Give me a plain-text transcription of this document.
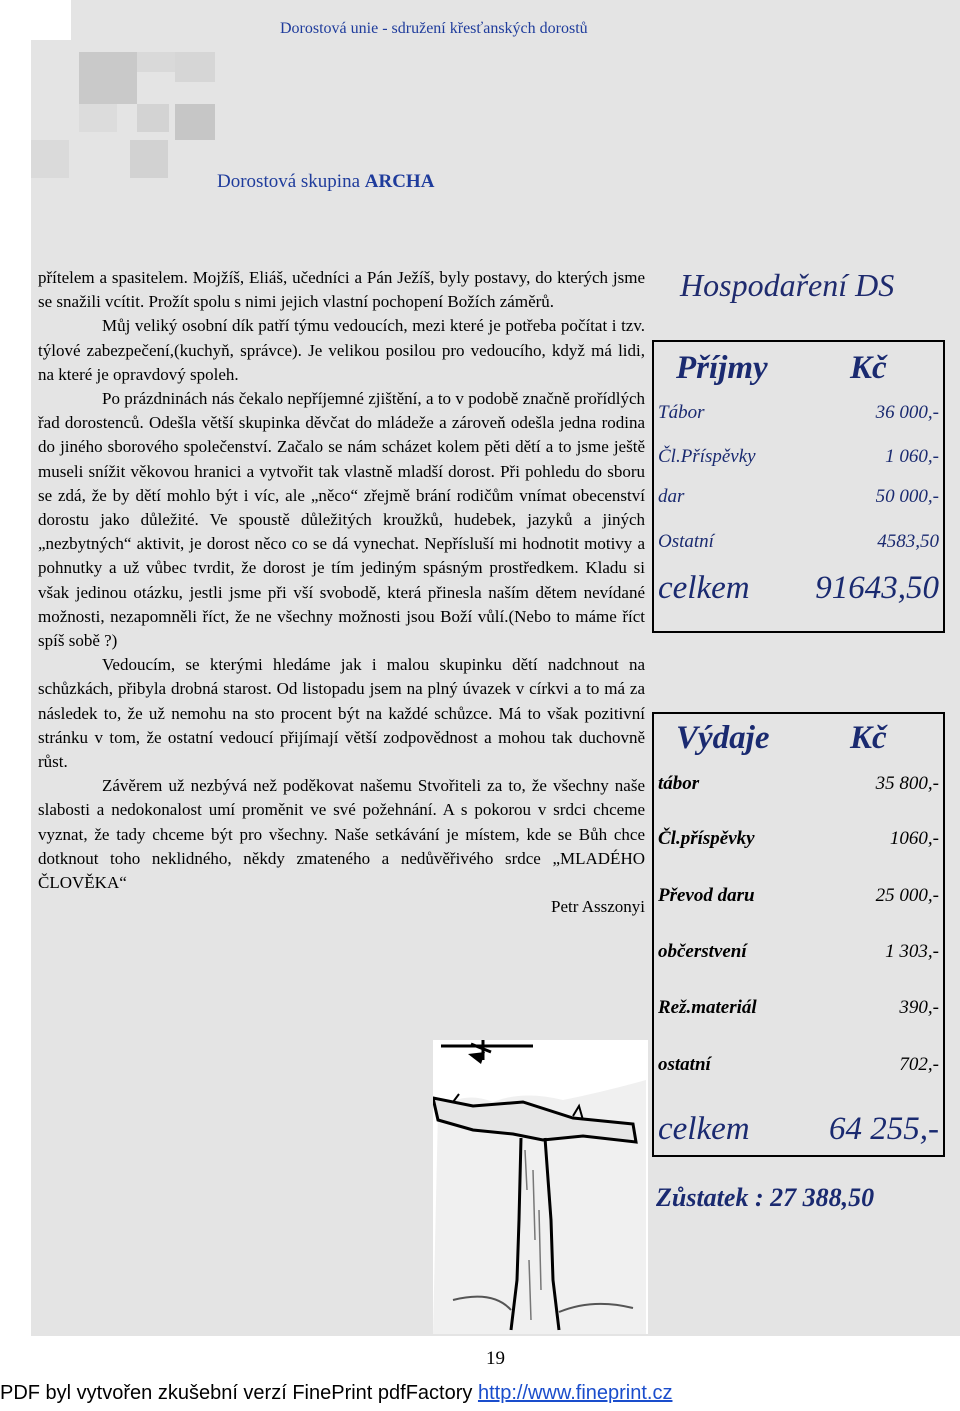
Dorostová unie - sdružení křesťanských dorostů
Dorostová skupina ARCHA

přítelem a spasitelem. Mojžíš, Eliáš, učedníci a Pán Ježíš, byly postavy, do kterých jsme se snažili vcítit. Prožít spolu s nimi jejich vlastní pochopení Božích záměrů.

Můj veliký osobní dík patří týmu vedoucích, mezi které je potřeba počítat i tzv. týlové zabezpečení,(kuchyň, správce). Je velikou posilou pro vedoucího, když má lidi, na které je opravdový spoleh.

Po prázdninách nás čekalo nepříjemné zjištění, a to v podobě značně prořídlých řad dorostenců. Odešla větší skupinka děvčat do mládeže a zároveň odešla jedna rodina do jiného sborového společenství. Začalo se nám scházet kolem pěti dětí a to jsme ještě museli snížit věkovou hranici a vytvořit tak vlastně mladší dorost. Při pohledu do sboru se zdá, že by dětí mohlo být i víc, ale „něco“ zřejmě brání rodičům vnímat obecenství dorostu jako důležité. Ve spoustě důležitých kroužků, hudebek, jazyků a jiných „nezbytných“ aktivit, je dorost něco co se dá vynechat. Nepřísluší mi hodnotit motivy a pohnutky a už vůbec tvrdit, že dorost je tím jediným spásným prostředkem. Kladu si však jedinou otázku, jestli jsme při vší svobodě, která přinesla naším dětem nevídané možnosti, nezapomněli říct, že ne všechny možnosti jsou Boží vůlí.(Nebo to máme říct spíš sobě ?)

Vedoucím, se kterými hledáme jak i malou skupinku dětí nadchnout na schůzkách, přibyla drobná starost. Od listopadu jsem na plný úvazek v církvi a to má za následek to, že už nemohu na sto procent být na každé schůzce. Má to však pozitivní stránku v tom, že ostatní vedoucí přijímají větší zodpovědnost a mohou tak duchovně růst.

Závěrem už nezbývá než poděkovat našemu Stvořiteli za to, že všechny naše slabosti a nedokonalost umí proměnit ve své požehnání. A s pokorou v srdci chceme vyznat, že tady chceme být pro všechny. Naše setkávání je místem, kde se Bůh chce dotknout toho neklidného, někdy zmateného a nedůvěřivého srdce „MLADÉHO ČLOVĚKA“

Petr Asszonyi

Hospodaření DS
Příjmy Kč
Tábor	36 000,-
Čl.Příspěvky	1 060,-
dar	50 000,-
Ostatní	4583,50
celkem 91643,50
Výdaje Kč
tábor	35 800,-
Čl.příspěvky	1060,-
Převod daru	25 000,-
občerstvení	1 303,-
Rež.materiál	390,-
ostatní	702,-
celkem 64 255,-
Zůstatek : 27 388,50
19
PDF byl vytvořen zkušební verzí FinePrint pdfFactory http://www.fineprint.cz
